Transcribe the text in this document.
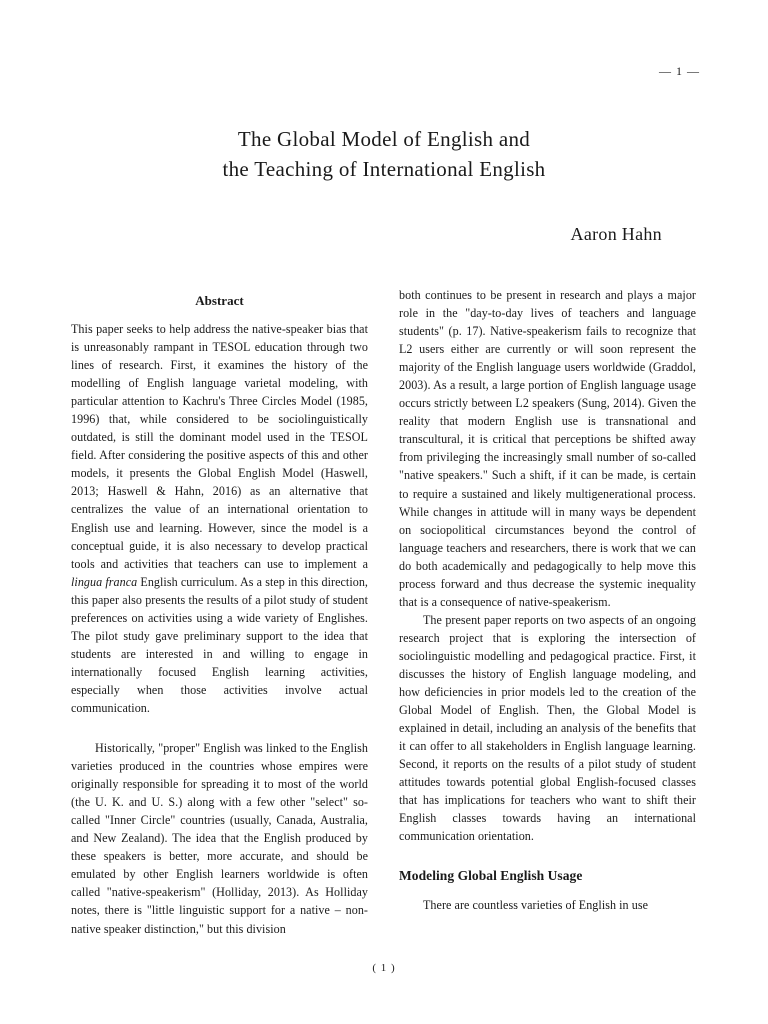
― 1 ―
The Global Model of English and
the Teaching of International English
Aaron Hahn
Abstract

This paper seeks to help address the native-speaker bias that is unreasonably rampant in TESOL education through two lines of research. First, it examines the history of the modelling of English language varietal modeling, with particular attention to Kachru's Three Circles Model (1985, 1996) that, while considered to be sociolinguistically outdated, is still the dominant model used in the TESOL field. After considering the positive aspects of this and other models, it presents the Global English Model (Haswell, 2013; Haswell & Hahn, 2016) as an alternative that centralizes the value of an international orientation to English use and learning. However, since the model is a conceptual guide, it is also necessary to develop practical tools and activities that teachers can use to implement a lingua franca English curriculum. As a step in this direction, this paper also presents the results of a pilot study of student preferences on activities using a wide variety of Englishes. The pilot study gave preliminary support to the idea that students are interested in and willing to engage in internationally focused English learning activities, especially when those activities involve actual communication.

Historically, "proper" English was linked to the English varieties produced in the countries whose empires were originally responsible for spreading it to most of the world (the U. K. and U. S.) along with a few other "select" so-called "Inner Circle" countries (usually, Canada, Australia, and New Zealand). The idea that the English produced by these speakers is better, more accurate, and should be emulated by other English learners worldwide is often called "native-speakerism" (Holliday, 2013). As Holliday notes, there is "little linguistic support for a native – non-native speaker distinction," but this division

both continues to be present in research and plays a major role in the "day-to-day lives of teachers and language students" (p. 17). Native-speakerism fails to recognize that L2 users either are currently or will soon represent the majority of the English language users worldwide (Graddol, 2003). As a result, a large portion of English language usage occurs strictly between L2 speakers (Sung, 2014). Given the reality that modern English use is transnational and transcultural, it is critical that perceptions be shifted away from privileging the increasingly small number of so-called "native speakers." Such a shift, if it can be made, is certain to require a sustained and likely multigenerational process. While changes in attitude will in many ways be dependent on sociopolitical circumstances beyond the control of language teachers and researchers, there is work that we can do both academically and pedagogically to help move this process forward and thus decrease the systemic inequality that is a consequence of native-speakerism.

The present paper reports on two aspects of an ongoing research project that is exploring the intersection of sociolinguistic modelling and pedagogical practice. First, it discusses the history of English language modeling, and how deficiencies in prior models led to the creation of the Global Model of English. Then, the Global Model is explained in detail, including an analysis of the benefits that it can offer to all stakeholders in English language learning. Second, it reports on the results of a pilot study of student attitudes towards potential global English-focused classes that has implications for teachers who want to shift their English classes towards having an international communication orientation.

Modeling Global English Usage

There are countless varieties of English in use

( 1 )
